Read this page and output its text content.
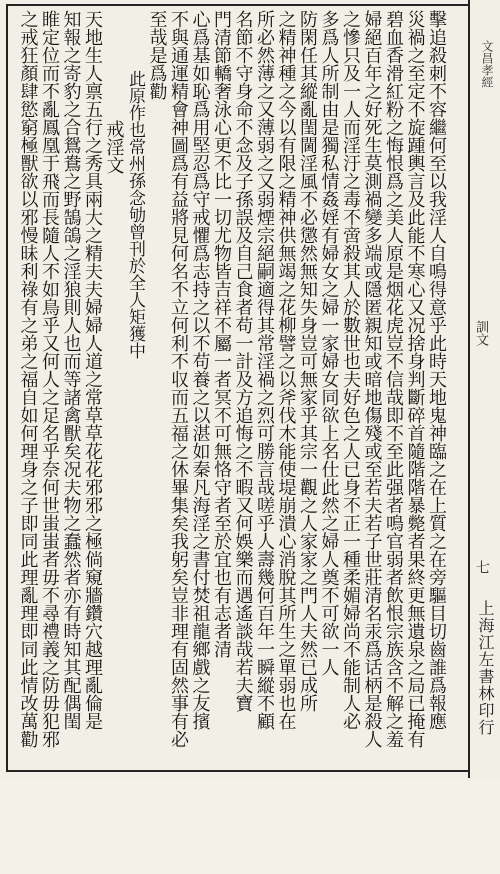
擊追殺刺不容繼何至以我淫人自鳴得意乎此時天地鬼神臨之在上質之在旁驅目切齒誰爲報應
災禍之至定不旋踵輿言及此能不寒心又况捨身判斷碎首隨階階暴斃者果終更無遺泉之局已掩有
碧血香滑紅粉之悔恨爲之美人原是烟花虎豈不信哉即不至此强者鳴官弱者飲恨宗族含不解之羞
婦絕百年之好死生莫測禍變多端或隱匿親知或暗地傷殘或至若夫若子世莊清名汞爲话柄是殺人
之慘只及一人而淫汙之毒不啻殺其人於數世也夫好色之人已身不正一種柔媚婦尚不能制人必
多爲人所制由是獨私情姦婬有婦女之婦一家婦女同欲上名仕此然之婦人奠不可欲一人
防閑任其縱亂閨閫淫風不必懲然無知失身豈可無家乎其宗一觀之人家家之門人夫然已成所
之精神種之今以有限之精神供無竭之花柳譬之以斧伐木能使堤崩潰心消脫其所生之單弱也在
所必然薄之又薄弱之又弱煙宗絕嗣適得其常淫禍之烈可勝言哉嗟乎人壽幾何百年一瞬縱不顧
名節不守身命不念及子孫誤及自己食者苟一計及方追悔之不暇又何娛樂而遇遙談哉若夫寶
門清節轎奢泳心更不比一切尤物皆吉祥不屬一者冥不可無恪守者至於宜也有志者清
心爲基如恥爲用堅忍爲守戒懼爲志持之以不苟養之以湛如秦凡海淫之書付焚祖龍鄉戲之友擯
不與通運精會神圖爲有益將見何名不立何利不収而五福之休畢集矣我躬矣豈非理有固然事有必
至哉是爲勸
此原作也常州孫念劬曾刊於全人矩獲中
戒淫文
天地生人禀五行之秀具兩大之精夫夫婦婦人道之常草草花花邪邪之極倘窺牆鑽穴越理亂倫是
知報之寄豹之合鴛鴦之野鵠鴿之淫狼則人也而等諸禽獸矣况夫物之蠢然者亦有時知其配偶閨
睢定位而不亂鳳凰于飛而長隨人不如鳥乎又何人之足名乎奈何世蚩蚩者毋不尋禮義之防毋犯邪
之戒狂顏肆慾窮極獸欲以邪慢昧利祿有之弟之福自如何理身之子即同此理亂理即同此情改萬勸
文昌孝經
訓文
七
上海江左書林印行
